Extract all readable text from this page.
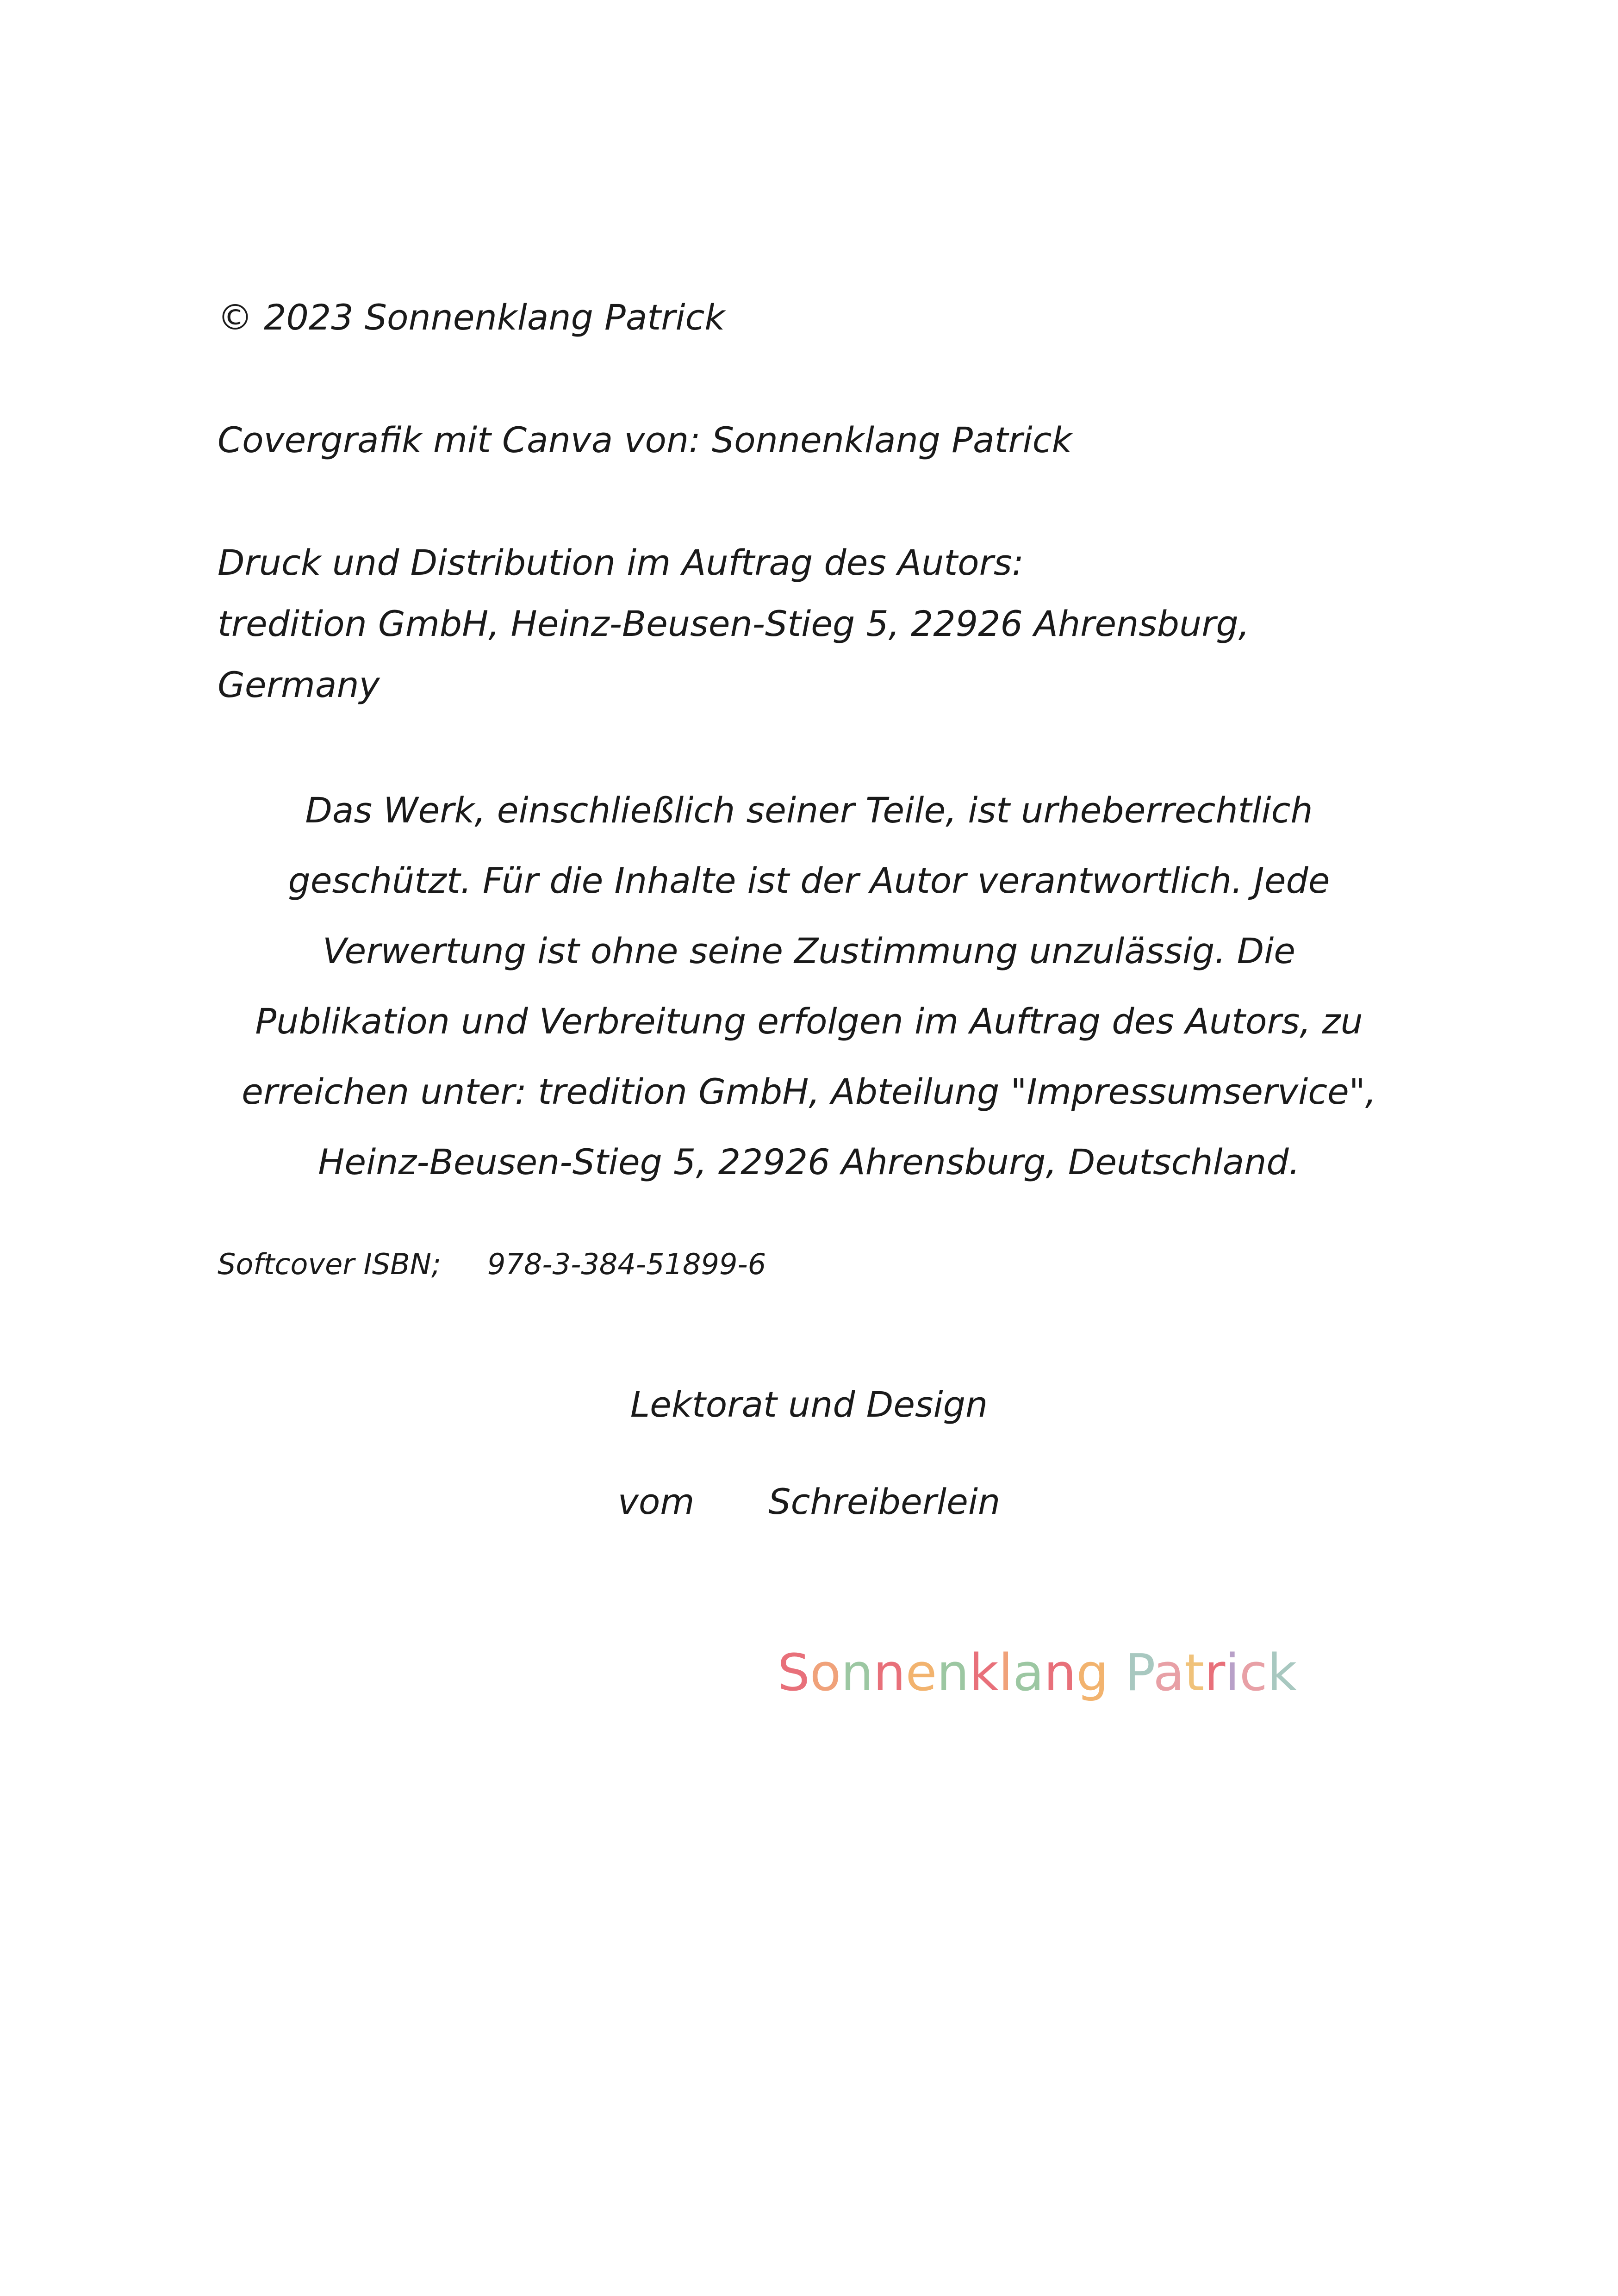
© 2023 Sonnenklang Patrick
Covergrafik mit Canva von: Sonnenklang Patrick
Druck und Distribution im Auftrag des Autors:
tredition GmbH, Heinz-Beusen-Stieg 5, 22926 Ahrensburg,
Germany
Das Werk, einschließlich seiner Teile, ist urheberrechtlich
geschützt. Für die Inhalte ist der Autor verantwortlich. Jede
Verwertung ist ohne seine Zustimmung unzulässig. Die
Publikation und Verbreitung erfolgen im Auftrag des Autors, zu
erreichen unter: tredition GmbH, Abteilung "Impressumservice",
Heinz-Beusen-Stieg 5, 22926 Ahrensburg, Deutschland.
Softcover ISBN; 978-3-384-51899-6
Lektorat und Design
vom Schreiberlein
Sonnenklang Patrick
